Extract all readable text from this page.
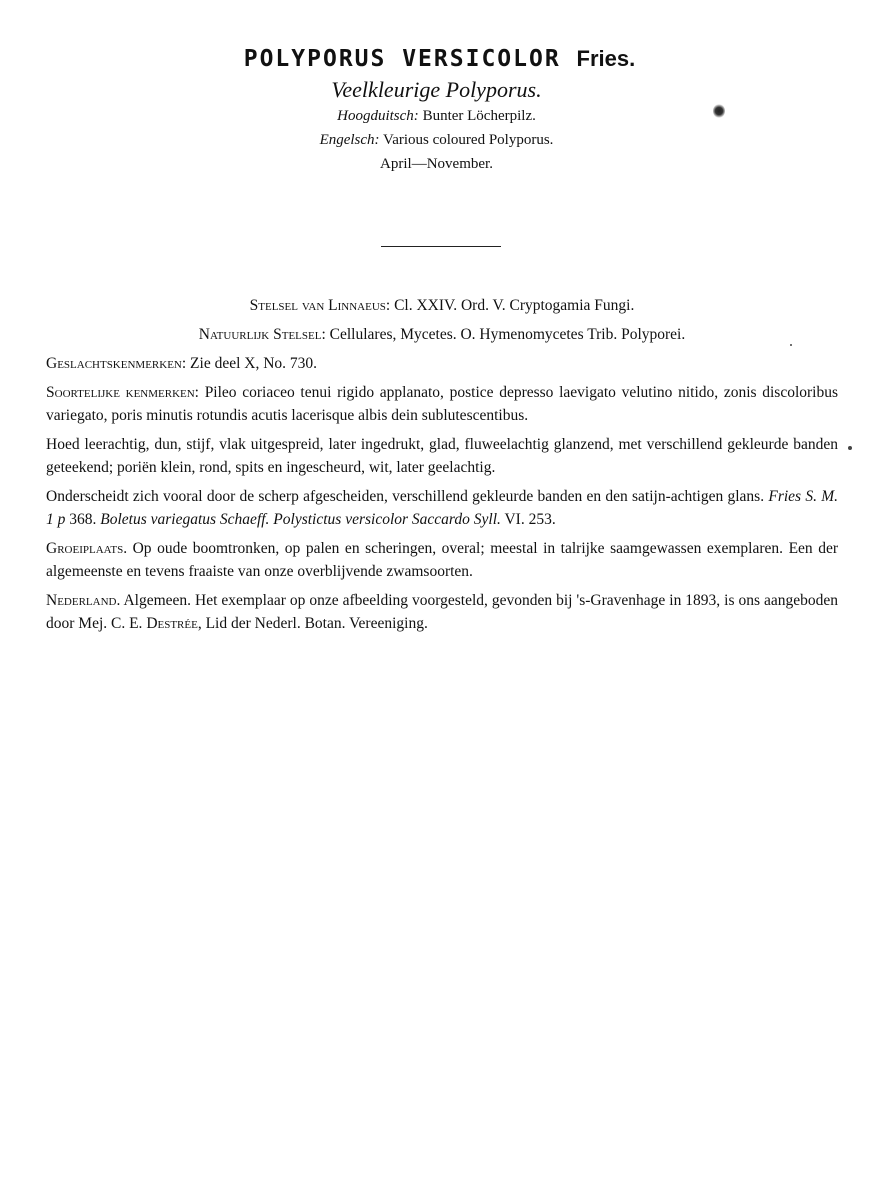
POLYPORUS VERSICOLOR Fries.
Veelkleurige Polyporus.
Hoogduitsch: Bunter Löcherpilz.
Engelsch: Various coloured Polyporus.
April—November.

Stelsel van Linnaeus: Cl. XXIV. Ord. V. Cryptogamia Fungi.

Natuurlijk Stelsel: Cellulares, Mycetes. O. Hymenomycetes Trib. Polyporei.

Geslachtskenmerken: Zie deel X, No. 730.

Soortelijke kenmerken: Pileo coriaceo tenui rigido applanato, postice depresso laevigato velutino nitido, zonis discoloribus variegato, poris minutis rotundis acutis lacerisque albis dein sublutescentibus.

Hoed leerachtig, dun, stijf, vlak uitgespreid, later ingedrukt, glad, fluweelachtig glanzend, met verschillend gekleurde banden geteekend; poriën klein, rond, spits en ingescheurd, wit, later geelachtig.

Onderscheidt zich vooral door de scherp afgescheiden, verschillend gekleurde banden en den satijn-achtigen glans. Fries S. M. 1 p 368. Boletus variegatus Schaeff. Polystictus versicolor Saccardo Syll. VI. 253.

Groeiplaats. Op oude boomtronken, op palen en scheringen, overal; meestal in talrijke saamgewassen exemplaren. Een der algemeenste en tevens fraaiste van onze overblijvende zwamsoorten.

Nederland. Algemeen. Het exemplaar op onze afbeelding voorgesteld, gevonden bij 's-Gravenhage in 1893, is ons aangeboden door Mej. C. E. Destrée, Lid der Nederl. Botan. Vereeniging.
